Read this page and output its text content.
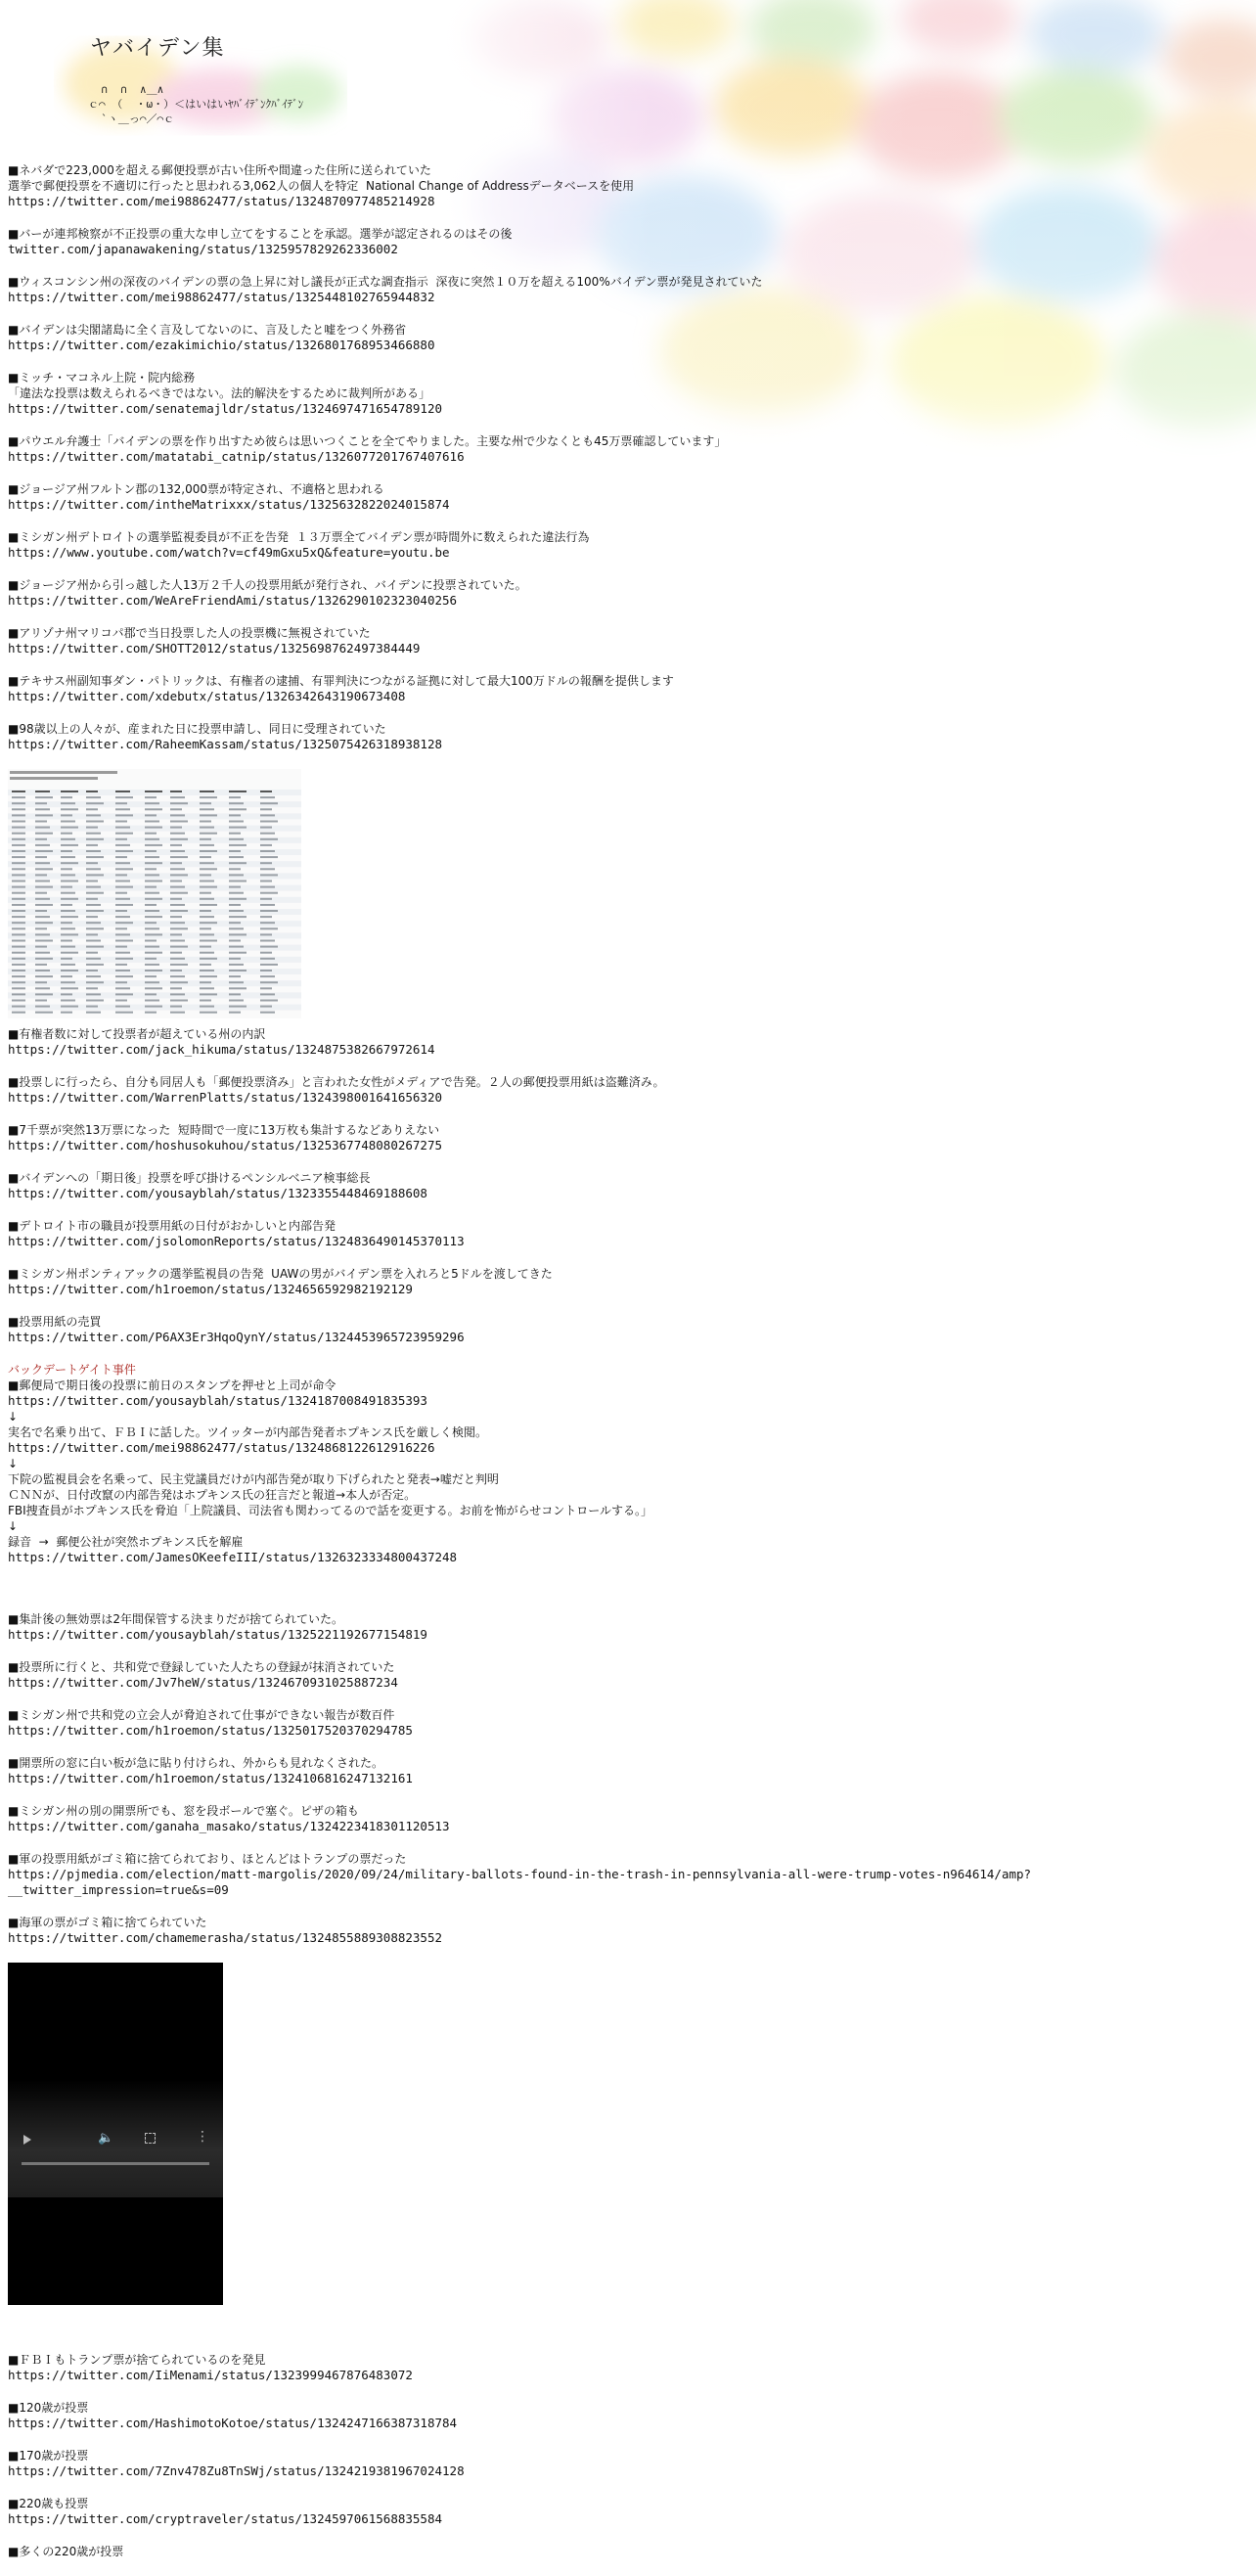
ヤバイデン集
∩  ∩  ∧＿∧
ｃ⌒ （  ・ω・）＜はいはいﾔﾊﾞｲﾃﾞﾝｸﾊﾞｲﾃﾞﾝ
`ヽ＿っ⌒／⌒ｃ
■ネバダで223,000を超える郵便投票が古い住所や間違った住所に送られていた
選挙で郵便投票を不適切に行ったと思われる3,062人の個人を特定  National Change of Addressデータベースを使用
https://twitter.com/mei98862477/status/1324870977485214928
■バーが連邦検察が不正投票の重大な申し立てをすることを承認。選挙が認定されるのはその後
twitter.com/japanawakening/status/1325957829262336002
■ウィスコンシン州の深夜のバイデンの票の急上昇に対し議長が正式な調査指示  深夜に突然１０万を超える100%バイデン票が発見されていた
https://twitter.com/mei98862477/status/1325448102765944832
■バイデンは尖閣諸島に全く言及してないのに、言及したと嘘をつく外務省
https://twitter.com/ezakimichio/status/1326801768953466880
■ミッチ・マコネル上院・院内総務
「違法な投票は数えられるべきではない。法的解決をするために裁判所がある」
https://twitter.com/senatemajldr/status/1324697471654789120
■パウエル弁護士「バイデンの票を作り出すため彼らは思いつくことを全てやりました。主要な州で少なくとも45万票確認しています」
https://twitter.com/matatabi_catnip/status/1326077201767407616
■ジョージア州フルトン郡の132,000票が特定され、不適格と思われる
https://twitter.com/intheMatrixxx/status/1325632822024015874
■ミシガン州デトロイトの選挙監視委員が不正を告発  １３万票全てバイデン票が時間外に数えられた違法行為
https://www.youtube.com/watch?v=cf49mGxu5xQ&feature=youtu.be
■ジョージア州から引っ越した人13万２千人の投票用紙が発行され、バイデンに投票されていた。
https://twitter.com/WeAreFriendAmi/status/1326290102323040256
■アリゾナ州マリコパ郡で当日投票した人の投票機に無視されていた
https://twitter.com/SHOTT2012/status/1325698762497384449
■テキサス州副知事ダン・パトリックは、有権者の逮捕、有罪判決につながる証拠に対して最大100万ドルの報酬を提供します
https://twitter.com/xdebutx/status/1326342643190673408
■98歳以上の人々が、産まれた日に投票申請し、同日に受理されていた
https://twitter.com/RaheemKassam/status/1325075426318938128
■有権者数に対して投票者が超えている州の内訳
https://twitter.com/jack_hikuma/status/1324875382667972614
■投票しに行ったら、自分も同居人も「郵便投票済み」と言われた女性がメディアで告発。２人の郵便投票用紙は盗難済み。
https://twitter.com/WarrenPlatts/status/1324398001641656320
■7千票が突然13万票になった  短時間で一度に13万枚も集計するなどありえない
https://twitter.com/hoshusokuhou/status/1325367748080267275
■バイデンへの「期日後」投票を呼び掛けるペンシルベニア検事総長
https://twitter.com/yousayblah/status/1323355448469188608
■デトロイト市の職員が投票用紙の日付がおかしいと内部告発
https://twitter.com/jsolomonReports/status/1324836490145370113
■ミシガン州ポンティアックの選挙監視員の告発  UAWの男がバイデン票を入れろと5ドルを渡してきた
https://twitter.com/h1roemon/status/1324656592982192129
■投票用紙の売買
https://twitter.com/P6AX3Er3HqoQynY/status/1324453965723959296
バックデートゲイト事件
■郵便局で期日後の投票に前日のスタンプを押せと上司が命令
https://twitter.com/yousayblah/status/1324187008491835393
↓
実名で名乗り出て、ＦＢＩに話した。ツイッターが内部告発者ホプキンス氏を厳しく検閲。
https://twitter.com/mei98862477/status/1324868122612916226
↓
下院の監視員会を名乗って、民主党議員だけが内部告発が取り下げられたと発表→嘘だと判明
ＣＮＮが、日付改竄の内部告発はホプキンス氏の狂言だと報道→本人が否定。
FBI捜査員がホプキンス氏を脅迫「上院議員、司法省も関わってるので話を変更する。お前を怖がらせコントロールする。」
↓
録音  →  郵便公社が突然ホプキンス氏を解雇
https://twitter.com/JamesOKeefeIII/status/1326323334800437248
■集計後の無効票は2年間保管する決まりだが捨てられていた。
https://twitter.com/yousayblah/status/1325221192677154819
■投票所に行くと、共和党で登録していた人たちの登録が抹消されていた
https://twitter.com/Jv7heW/status/1324670931025887234
■ミシガン州で共和党の立会人が脅迫されて仕事ができない報告が数百件
https://twitter.com/h1roemon/status/1325017520370294785
■開票所の窓に白い板が急に貼り付けられ、外からも見れなくされた。
https://twitter.com/h1roemon/status/1324106816247132161
■ミシガン州の別の開票所でも、窓を段ボールで塞ぐ。ピザの箱も
https://twitter.com/ganaha_masako/status/1324223418301120513
■軍の投票用紙がゴミ箱に捨てられており、ほとんどはトランプの票だった
https://pjmedia.com/election/matt-margolis/2020/09/24/military-ballots-found-in-the-trash-in-pennsylvania-all-were-trump-votes-n964614/amp?
__twitter_impression=true&s=09
■海軍の票がゴミ箱に捨てられていた
https://twitter.com/chamemerasha/status/1324855889308823552
🔈	⋮
■ＦＢＩもトランプ票が捨てられているのを発見
https://twitter.com/IiMenami/status/1323999467876483072
■120歳が投票
https://twitter.com/HashimotoKotoe/status/1324247166387318784
■170歳が投票
https://twitter.com/7Znv478Zu8TnSWj/status/1324219381967024128
■220歳も投票
https://twitter.com/cryptraveler/status/1324597061568835584
■多くの220歳が投票
